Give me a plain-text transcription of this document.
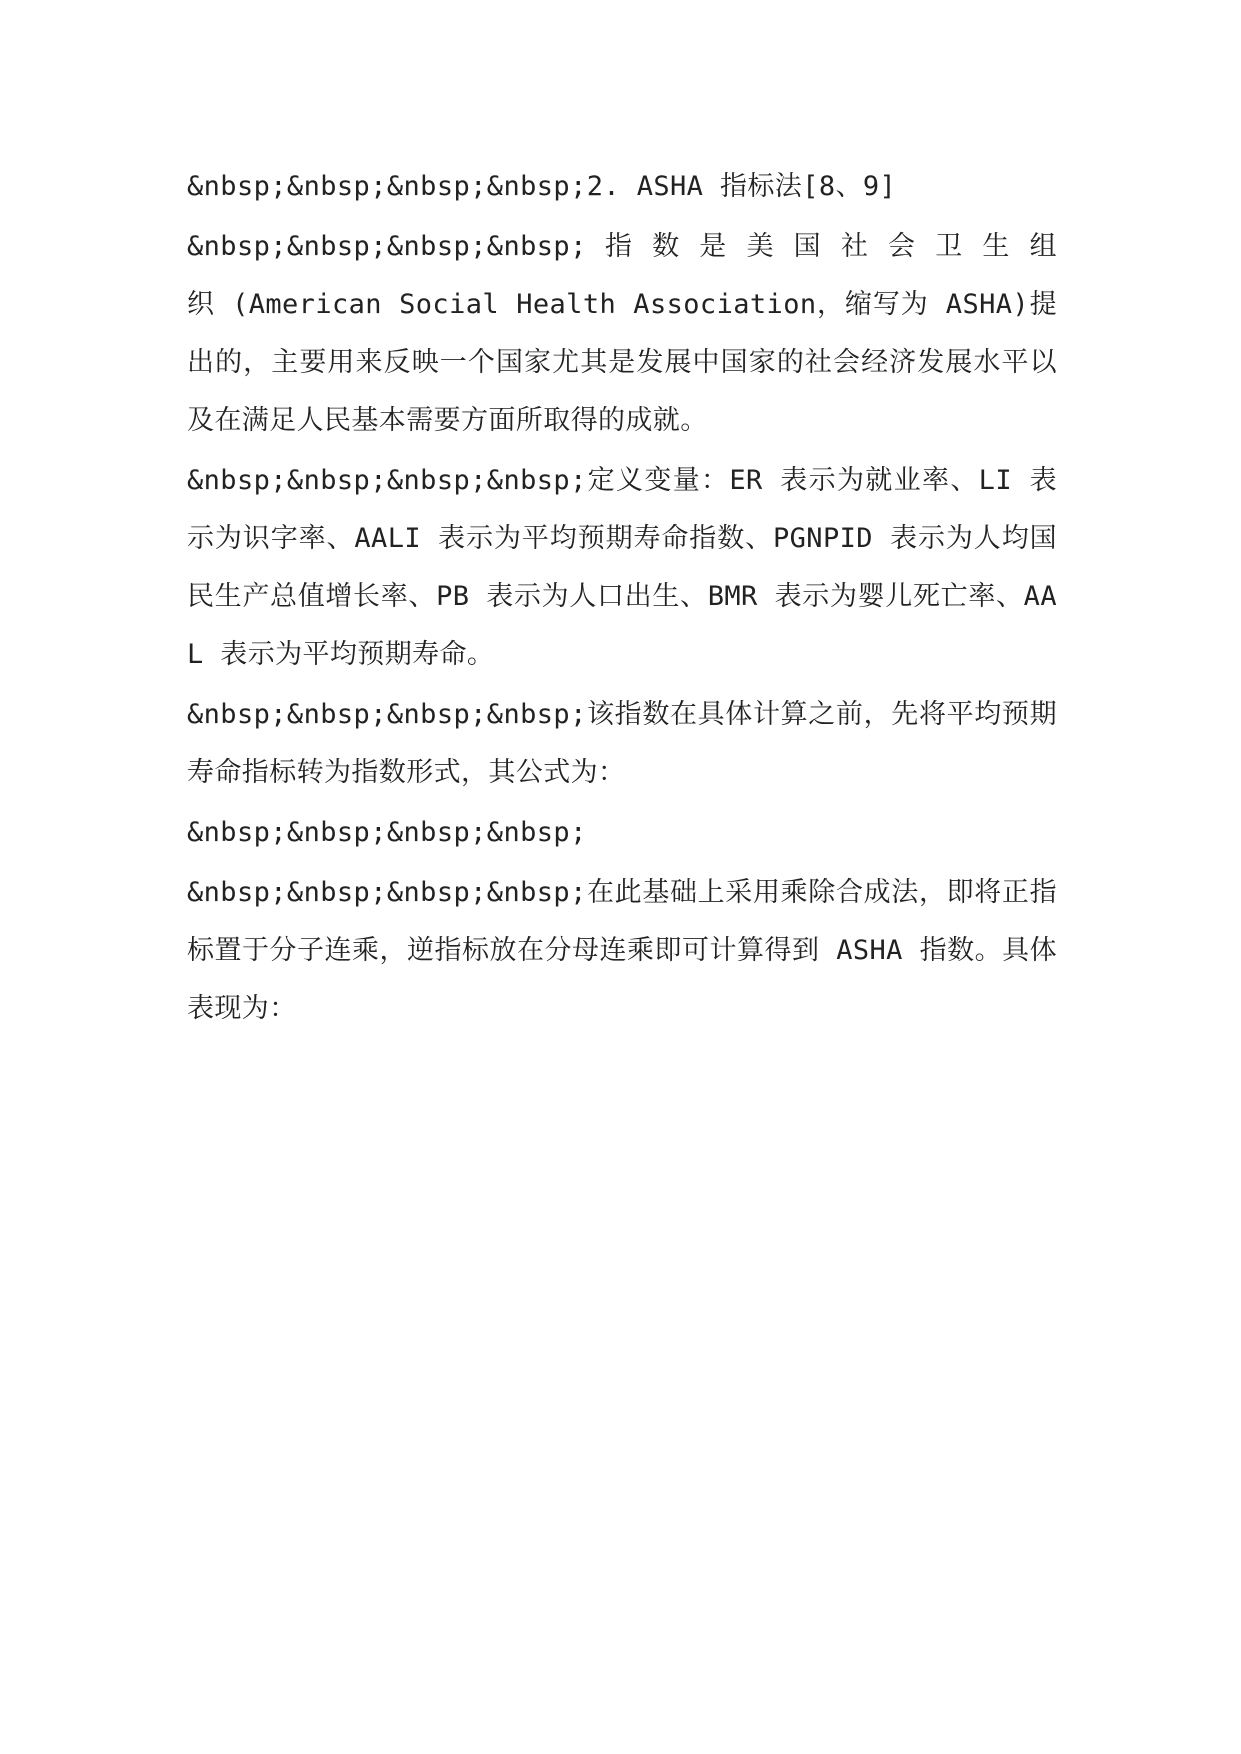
&nbsp;&nbsp;&nbsp;&nbsp;2. ASHA 指标法[8、9]

&nbsp;&nbsp;&nbsp;&nbsp; 指 数 是 美 国 社 会 卫 生 组 织 (American Social Health Association，缩写为 ASHA)提出的，主要用来反映一个国家尤其是发展中国家的社会经济发展水平以及在满足人民基本需要方面所取得的成就。

&nbsp;&nbsp;&nbsp;&nbsp;定义变量：ER 表示为就业率、LI 表示为识字率、AALI 表示为平均预期寿命指数、PGNPID 表示为人均国民生产总值增长率、PB 表示为人口出生、BMR 表示为婴儿死亡率、AAL 表示为平均预期寿命。

&nbsp;&nbsp;&nbsp;&nbsp;该指数在具体计算之前，先将平均预期寿命指标转为指数形式，其公式为：

&nbsp;&nbsp;&nbsp;&nbsp;

&nbsp;&nbsp;&nbsp;&nbsp;在此基础上采用乘除合成法，即将正指标置于分子连乘，逆指标放在分母连乘即可计算得到 ASHA 指数。具体表现为：
